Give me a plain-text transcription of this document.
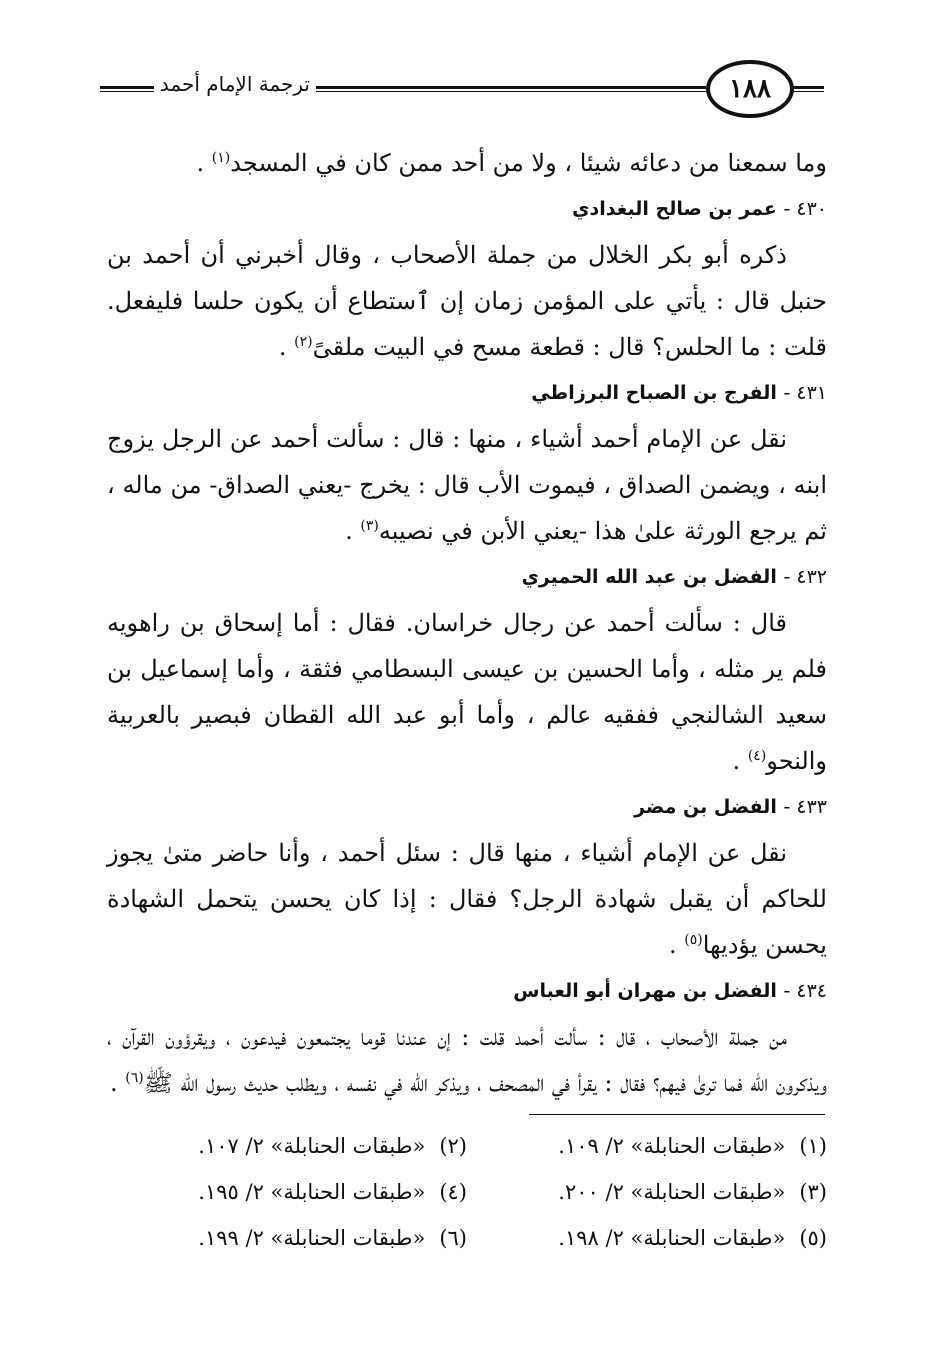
١٨٨
ترجمة الإمام أحمد

وما سمعنا من دعائه شيئا ، ولا من أحد ممن كان في المسجد$^{(١)}$ .

٤٣٠ - عمر بن صالح البغدادي

ذكره أبو بكر الخلال من جملة الأصحاب ، وقال أخبرني أن أحمد بن حنبل قال : يأتي على المؤمن زمان إن ٱستطاع أن يكون حلسا فليفعل. قلت : ما الحلس؟ قال : قطعة مسح في البيت ملقىً$^{(٢)}$ .

٤٣١ - الفرج بن الصباح البرزاطي

نقل عن الإمام أحمد أشياء ، منها : قال : سألت أحمد عن الرجل يزوج ابنه ، ويضمن الصداق ، فيموت الأب قال : يخرج -يعني الصداق- من ماله ، ثم يرجع الورثة علىٰ هذا -يعني الأبن في نصيبه$^{(٣)}$ .

٤٣٢ - الفضل بن عبد الله الحميري

قال : سألت أحمد عن رجال خراسان. فقال : أما إسحاق بن راهويه فلم ير مثله ، وأما الحسين بن عيسى البسطامي فثقة ، وأما إسماعيل بن سعيد الشالنجي ففقيه عالم ، وأما أبو عبد الله القطان فبصير بالعربية والنحو$^{(٤)}$ .

٤٣٣ - الفضل بن مضر

نقل عن الإمام أشياء ، منها قال : سئل أحمد ، وأنا حاضر متىٰ يجوز للحاكم أن يقبل شهادة الرجل؟ فقال : إذا كان يحسن يتحمل الشهادة يحسن يؤديها$^{(٥)}$ .

٤٣٤ - الفضل بن مهران أبو العباس

من جملة الأصحاب ، قال : سألت أحمد قلت : إن عندنا قوما يجتمعون فيدعون ، ويقرؤون القرآن ، ويذكرون الله فما ترىٰ فيهم؟ فقال : يقرأ في المصحف ، ويذكر الله في نفسه ، ويطلب حديث رسول الله ﷺ$^{(٦)}$ .

(١)«طبقات الحنابلة» ٢/ ١٠٩.
(٢)«طبقات الحنابلة» ٢/ ١٠٧.
(٣)«طبقات الحنابلة» ٢/ ٢٠٠.
(٤)«طبقات الحنابلة» ٢/ ١٩٥.
(٥)«طبقات الحنابلة» ٢/ ١٩٨.
(٦)«طبقات الحنابلة» ٢/ ١٩٩.
